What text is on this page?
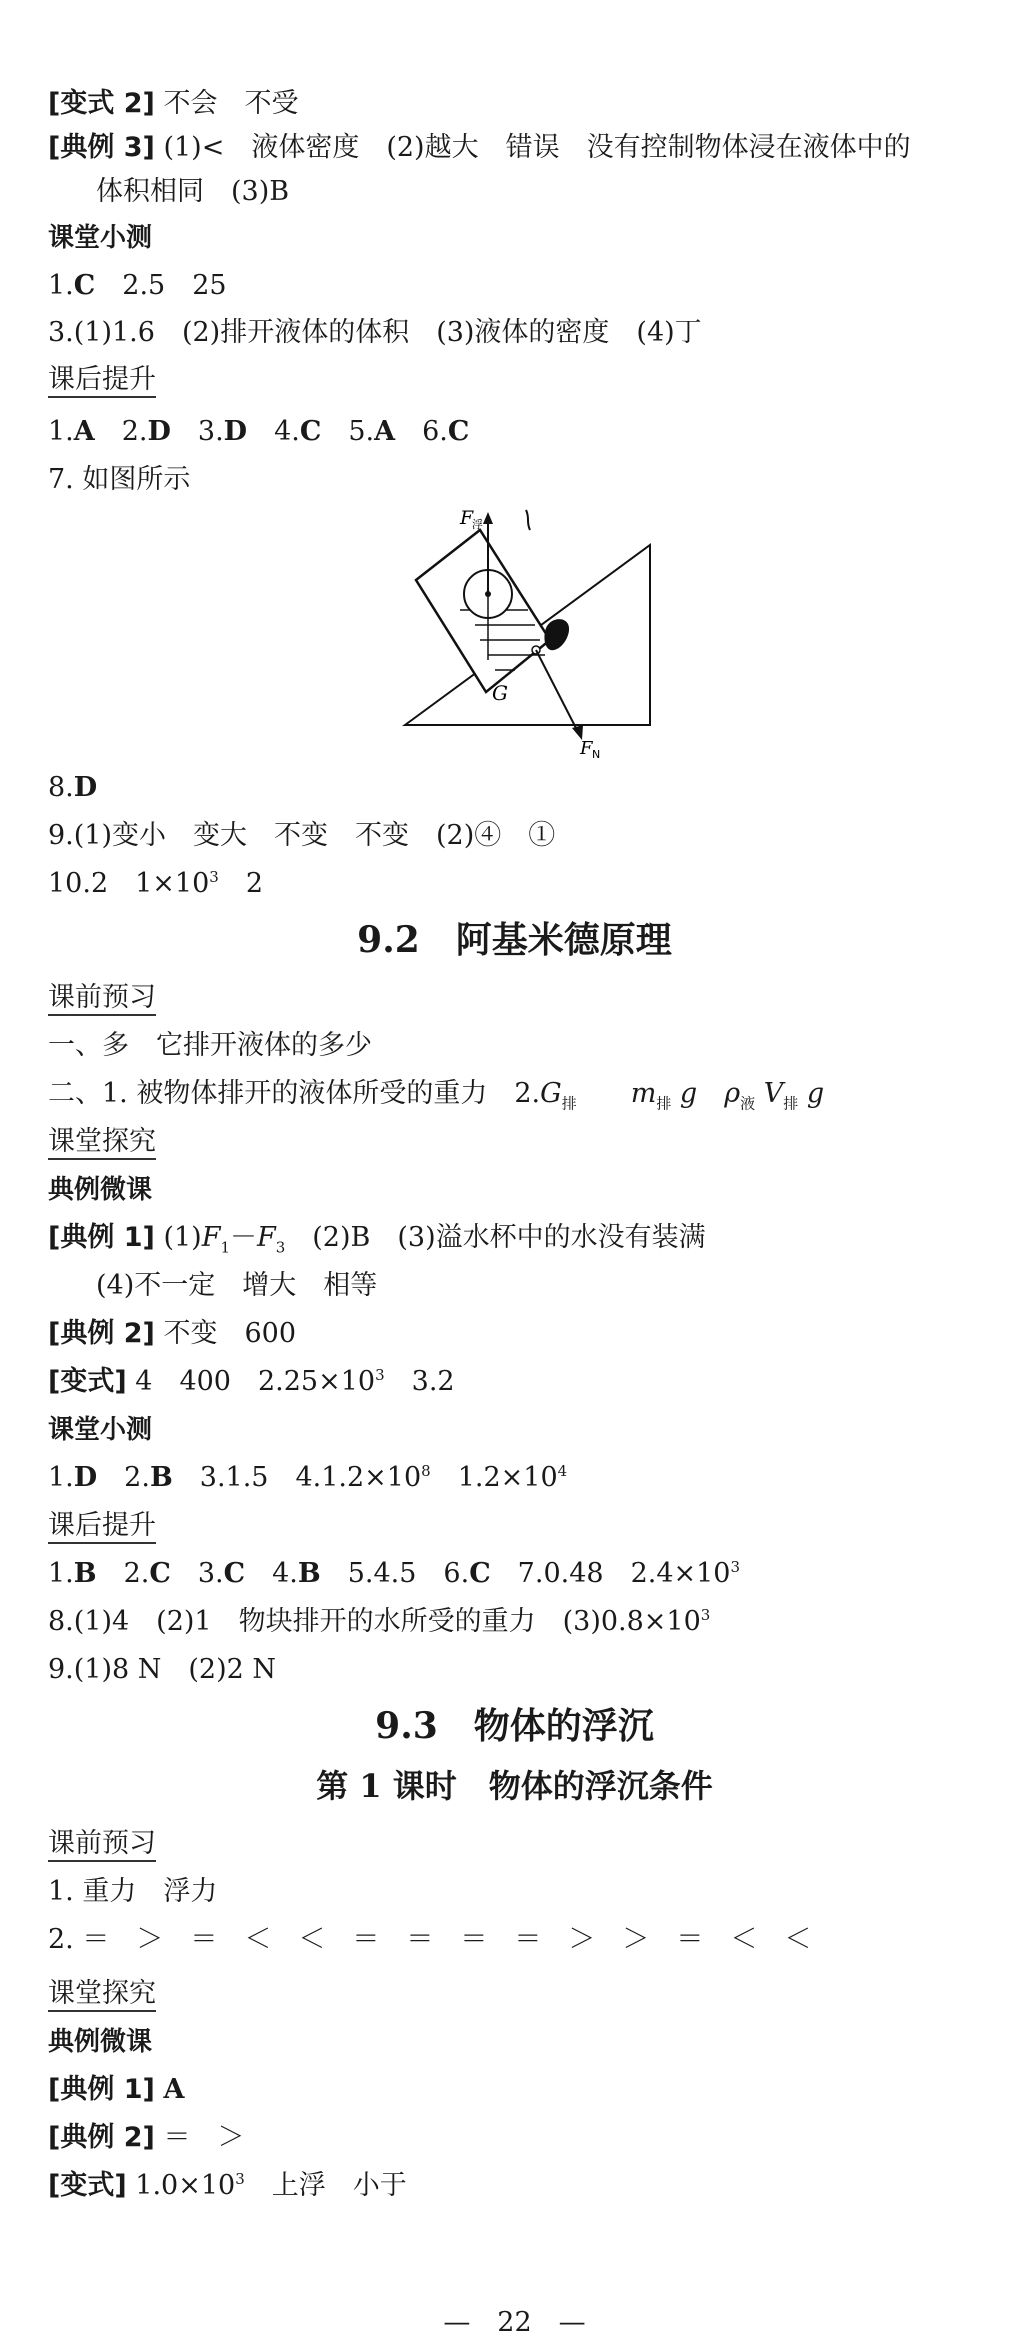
[变式 2] 不会　不受
[典例 3] (1)<　液体密度　(2)越大　错误　没有控制物体浸在液体中的
体积相同　(3)B
课堂小测
1.C　2.5　25
3.(1)1.6　(2)排开液体的体积　(3)液体的密度　(4)丁
课后提升
1.A　2.D　3.D　4.C　5.A　6.C
7. 如图所示
F
浮
G
F N
8.D
9.(1)变小　变大　不变　不变　(2)④　①
10.2　$1\times 10^3$　2
9.2　阿基米德原理
课前预习
一、多　它排开液体的多少
二、1. 被物体排开的液体所受的重力　$2.G_排$　　 $m_排$ g　 $\rho_液$ $V_排$ g
课堂探究
典例微课
[典例 1] $(1)F_1-F_3$　(2)B　(3)溢水杯中的水没有装满
(4)不一定　增大　相等
[典例 2] 不变　600
[变式] 4　400　$2.25\times 10^3$　3.2
课堂小测
1.D　2.B　3.1.5　$4.1.2\times 10^8$　$1.2\times 10^4$
课后提升
1.B　2.C　3.C　4.B　5.4.5　6.C　7.0.48　$2.4\times 10^3$
8.(1)4　(2)1　物块排开的水所受的重力　$(3)0.8\times 10^3$
9.(1)8 N　(2)2 N
9.3　物体的浮沉
第 1 课时　物体的浮沉条件
课前预习
1. 重力　浮力
2. ＝　＞　＝　＜　＜　＝　＝　＝　＝　＞　＞　＝　＜　＜
课堂探究
典例微课
[典例 1] A
[典例 2] ＝　＞
[变式] $1.0\times 10^3$　上浮　小于
—　22　—
